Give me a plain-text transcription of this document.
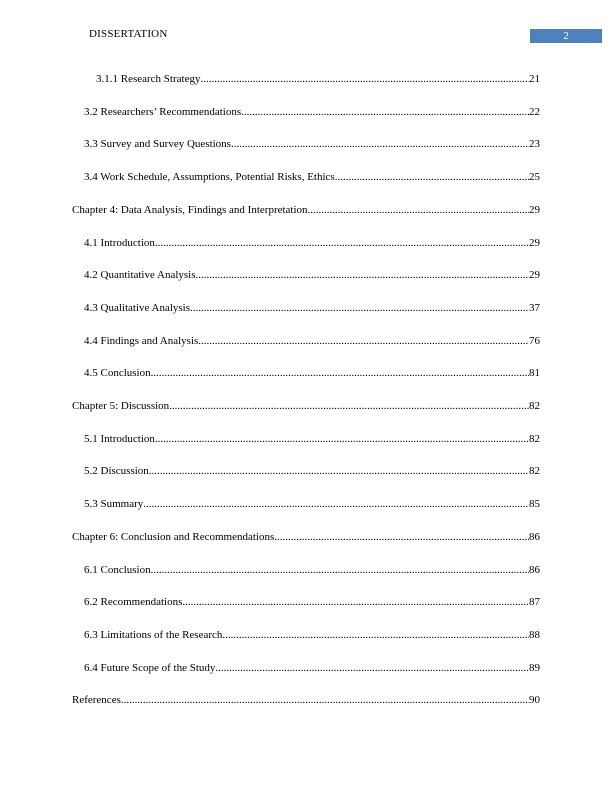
DISSERTATION	2
3.1.1 Research Strategy .....	21
3.2 Researchers’ Recommendations .....	22
3.3 Survey and Survey Questions .....	23
3.4 Work Schedule, Assumptions, Potential Risks, Ethics .....	25
Chapter 4: Data Analysis, Findings and Interpretation .....	29
4.1 Introduction .....	29
4.2 Quantitative Analysis .....	29
4.3 Qualitative Analysis .....	37
4.4 Findings and Analysis .....	76
4.5 Conclusion .....	81
Chapter 5: Discussion .....	82
5.1 Introduction .....	82
5.2 Discussion .....	82
5.3 Summary .....	85
Chapter 6: Conclusion and Recommendations .....	86
6.1 Conclusion .....	86
6.2 Recommendations .....	87
6.3 Limitations of the Research .....	88
6.4 Future Scope of the Study .....	89
References .....	90
